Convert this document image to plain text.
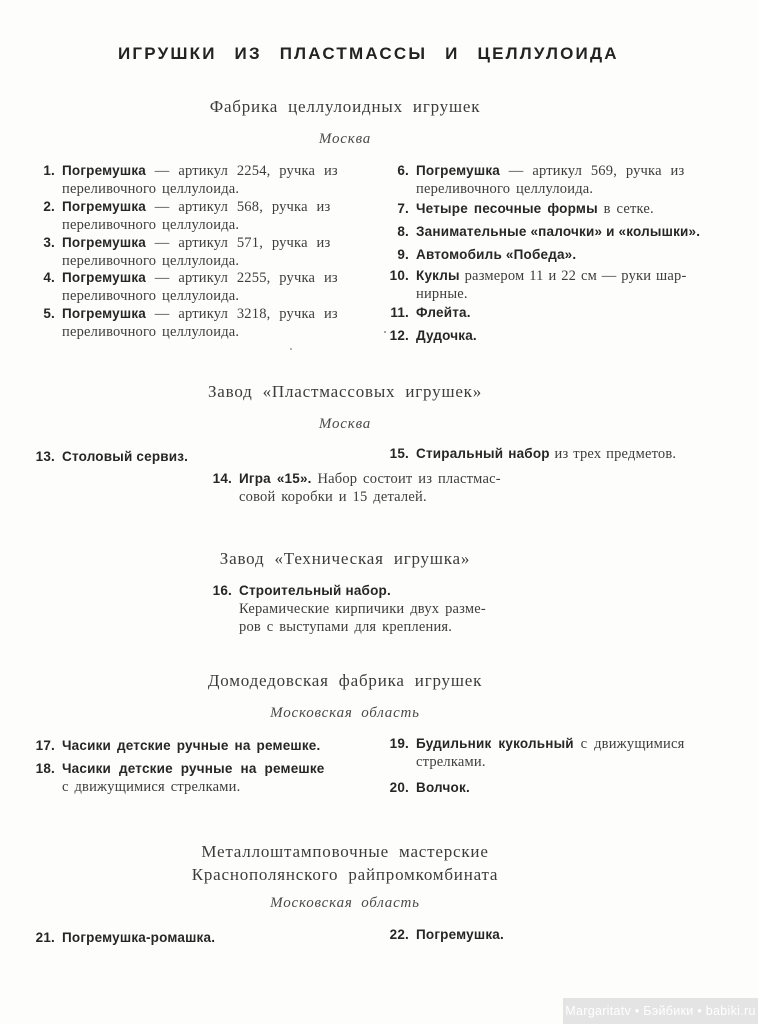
ИГРУШКИ ИЗ ПЛАСТМАССЫ И ЦЕЛЛУЛОИДА
Фабрика целлулоидных игрушек
Москва
1. Погремушка — артикул 2254, ручка из
переливочного целлулоида.
2. Погремушка — артикул 568, ручка из
переливочного целлулоида.
3. Погремушка — артикул 571, ручка из
переливочного целлулоида.
4. Погремушка — артикул 2255, ручка из
переливочного целлулоида.
5. Погремушка — артикул 3218, ручка из
переливочного целлулоида.
6. Погремушка — артикул 569, ручка из
переливочного целлулоида.
7. Четыре песочные формы в сетке.
8. Занимательные «палочки» и «колышки».
9. Автомобиль «Победа».
10. Куклы размером 11 и 22 см — руки шар-
нирные.
11. Флейта.
12. Дудочка.
Завод «Пластмассовых игрушек»
Москва
13. Столовый сервиз.	15. Стиральный набор из трех предметов.
14. Игра «15». Набор состоит из пластмас-
совой коробки и 15 деталей.
Завод «Техническая игрушка»
16. Строительный набор.
Керамические кирпичики двух разме-
ров с выступами для крепления.
Домодедовская фабрика игрушек
Московская область
17. Часики детские ручные на ремешке.
18. Часики детские ручные на ремешке
с движущимися стрелками.
19. Будильник кукольный с движущимися
стрелками.
20. Волчок.
Металлоштамповочные мастерские
Краснополянского райпромкомбината
Московская область
21. Погремушка-ромашка.	22. Погремушка.
Margaritatv • Бэйбики • babiki.ru
